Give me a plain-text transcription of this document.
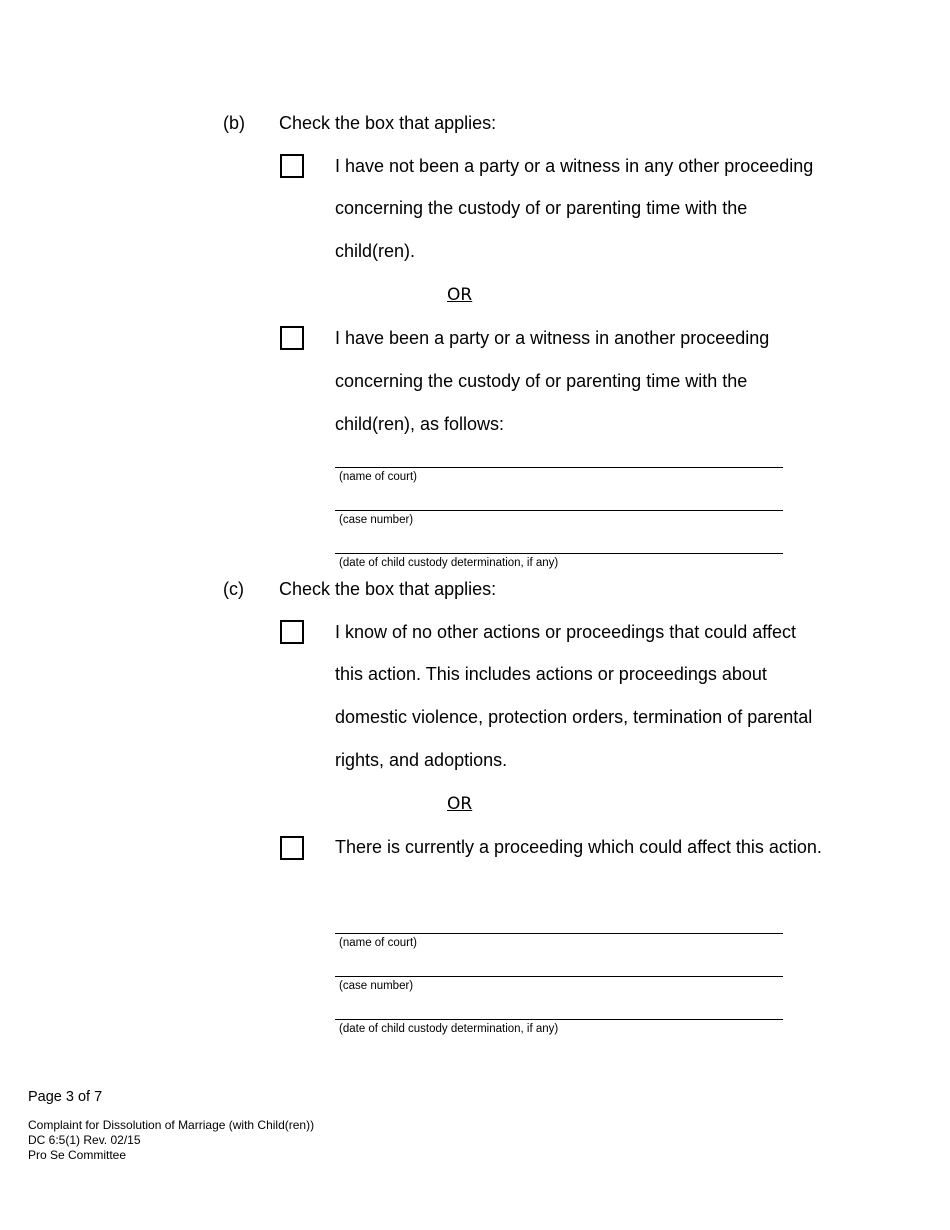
(b) Check the box that applies:
I have not been a party or a witness in any other proceeding
concerning the custody of or parenting time with the
child(ren).
OR
I have been a party or a witness in another proceeding
concerning the custody of or parenting time with the
child(ren), as follows:
(name of court)
(case number)
(date of child custody determination, if any)
(c) Check the box that applies:
I know of no other actions or proceedings that could affect
this action. This includes actions or proceedings about
domestic violence, protection orders, termination of parental
rights, and adoptions.
OR
There is currently a proceeding which could affect this action.
(name of court)
(case number)
(date of child custody determination, if any)
Page 3 of 7
Complaint for Dissolution of Marriage (with Child(ren))
DC 6:5(1) Rev. 02/15
Pro Se Committee
